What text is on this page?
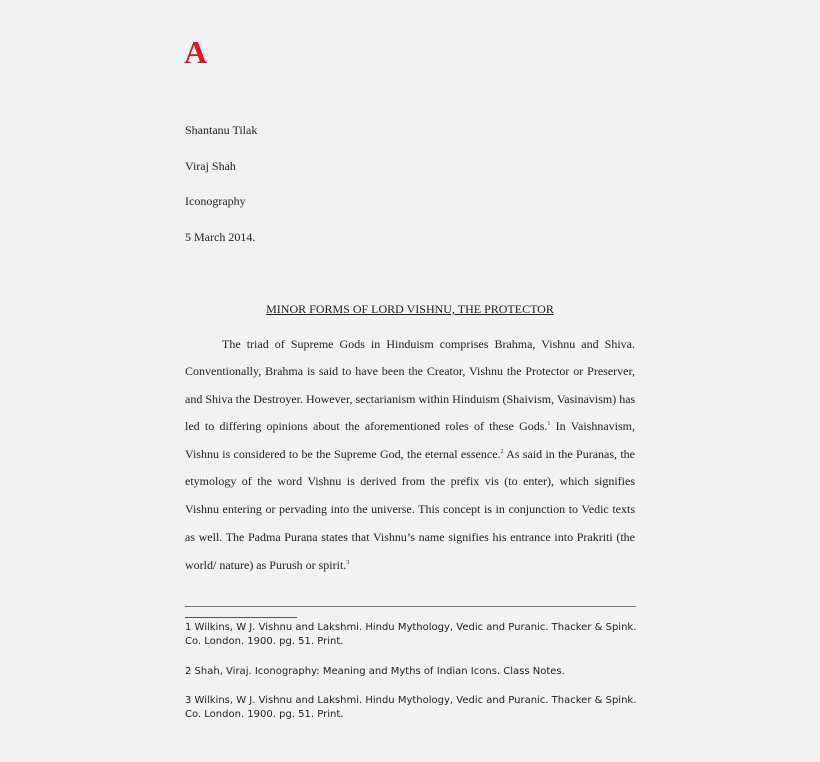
A
Shantanu Tilak
Viraj Shah
Iconography
5 March 2014.
MINOR FORMS OF LORD VISHNU, THE PROTECTOR
The triad of Supreme Gods in Hinduism comprises Brahma, Vishnu and Shiva.
Conventionally, Brahma is said to have been the Creator, Vishnu the Protector or Preserver,
and Shiva the Destroyer. However, sectarianism within Hinduism (Shaivism, Vasinavism) has
led to differing opinions about the aforementioned roles of these Gods.$^1$ In Vaishnavism,
Vishnu is considered to be the Supreme God, the eternal essence.$^2$ As said in the Puranas, the
etymology of the word Vishnu is derived from the prefix vis (to enter), which signifies
Vishnu entering or pervading into the universe. This concept is in conjunction to Vedic texts
as well. The Padma Purana states that Vishnu’s name signifies his entrance into Prakriti (the
world/ nature) as Purush or spirit.$^3$
1 Wilkins, W J. Vishnu and Lakshmi. Hindu Mythology, Vedic and Puranic. Thacker & Spink. Co. London. 1900. pg. 51. Print.
2 Shah, Viraj. Iconography: Meaning and Myths of Indian Icons. Class Notes.
3 Wilkins, W J. Vishnu and Lakshmi. Hindu Mythology, Vedic and Puranic. Thacker & Spink. Co. London. 1900. pg. 51. Print.
